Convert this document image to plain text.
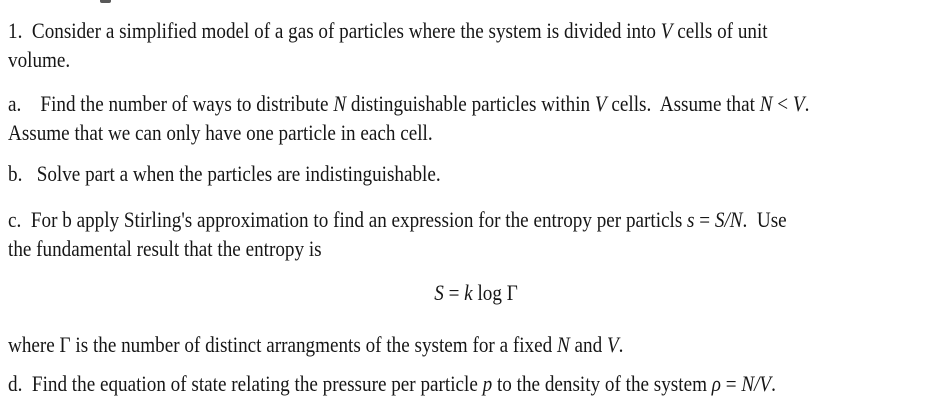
1.  Consider a simplified model of a gas of particles where the system is divided into V cells of unit
volume.
a.    Find the number of ways to distribute N distinguishable particles within V cells.  Assume that N < V.
Assume that we can only have one particle in each cell.
b.   Solve part a when the particles are indistinguishable.
c.  For b apply Stirling's approximation to find an expression for the entropy per particls s = S/N.  Use
the fundamental result that the entropy is
S = k log Γ
where Γ is the number of distinct arrangments of the system for a fixed N and V.
d.  Find the equation of state relating the pressure per particle p to the density of the system ρ = N/V.
